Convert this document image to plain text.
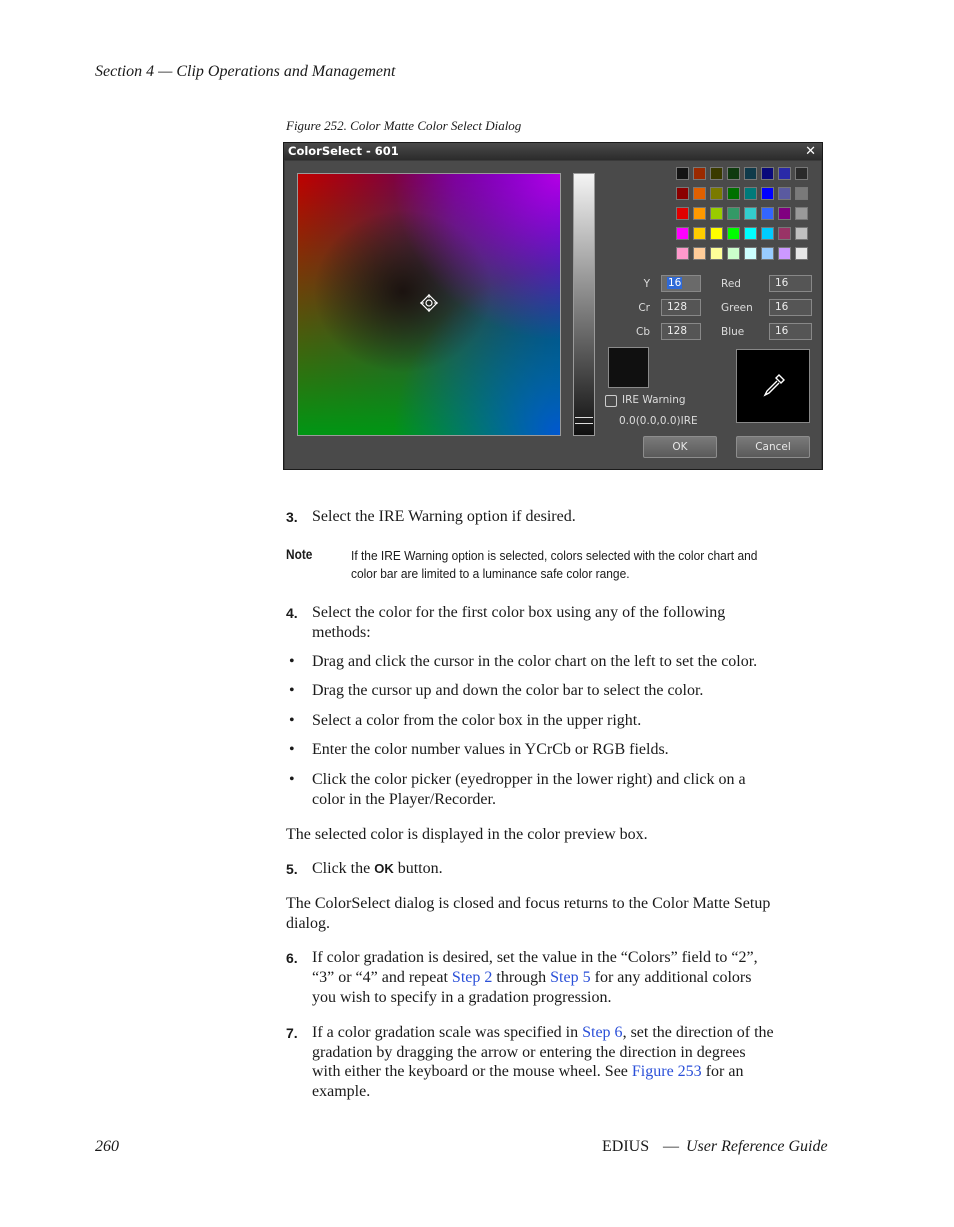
Section 4 — Clip Operations and Management
Figure 252. Color Matte Color Select Dialog
ColorSelect - 601	✕
Y	16
Cr	128
Cb	128
Red	16
Green	16
Blue	16
IRE Warning
0.0(0.0,0.0)IRE
OK	Cancel
3. Select the IRE Warning option if desired.
Note	If the IRE Warning option is selected, colors selected with the color chart and
color bar are limited to a luminance safe color range.
4. Select the color for the first color box using any of the following
methods:
• Drag and click the cursor in the color chart on the left to set the color.
• Drag the cursor up and down the color bar to select the color.
• Select a color from the color box in the upper right.
• Enter the color number values in YCrCb or RGB fields.
• Click the color picker (eyedropper in the lower right) and click on a
color in the Player/Recorder.
The selected color is displayed in the color preview box.
5. Click the OK button.
The ColorSelect dialog is closed and focus returns to the Color Matte Setup
dialog.
6. If color gradation is desired, set the value in the “Colors” field to “2”,
“3” or “4” and repeat Step 2 through Step 5 for any additional colors
you wish to specify in a gradation progression.
7. If a color gradation scale was specified in Step 6, set the direction of the
gradation by dragging the arrow or entering the direction in degrees
with either the keyboard or the mouse wheel. See Figure 253 for an
example.
260	EDIUS — User Reference Guide
